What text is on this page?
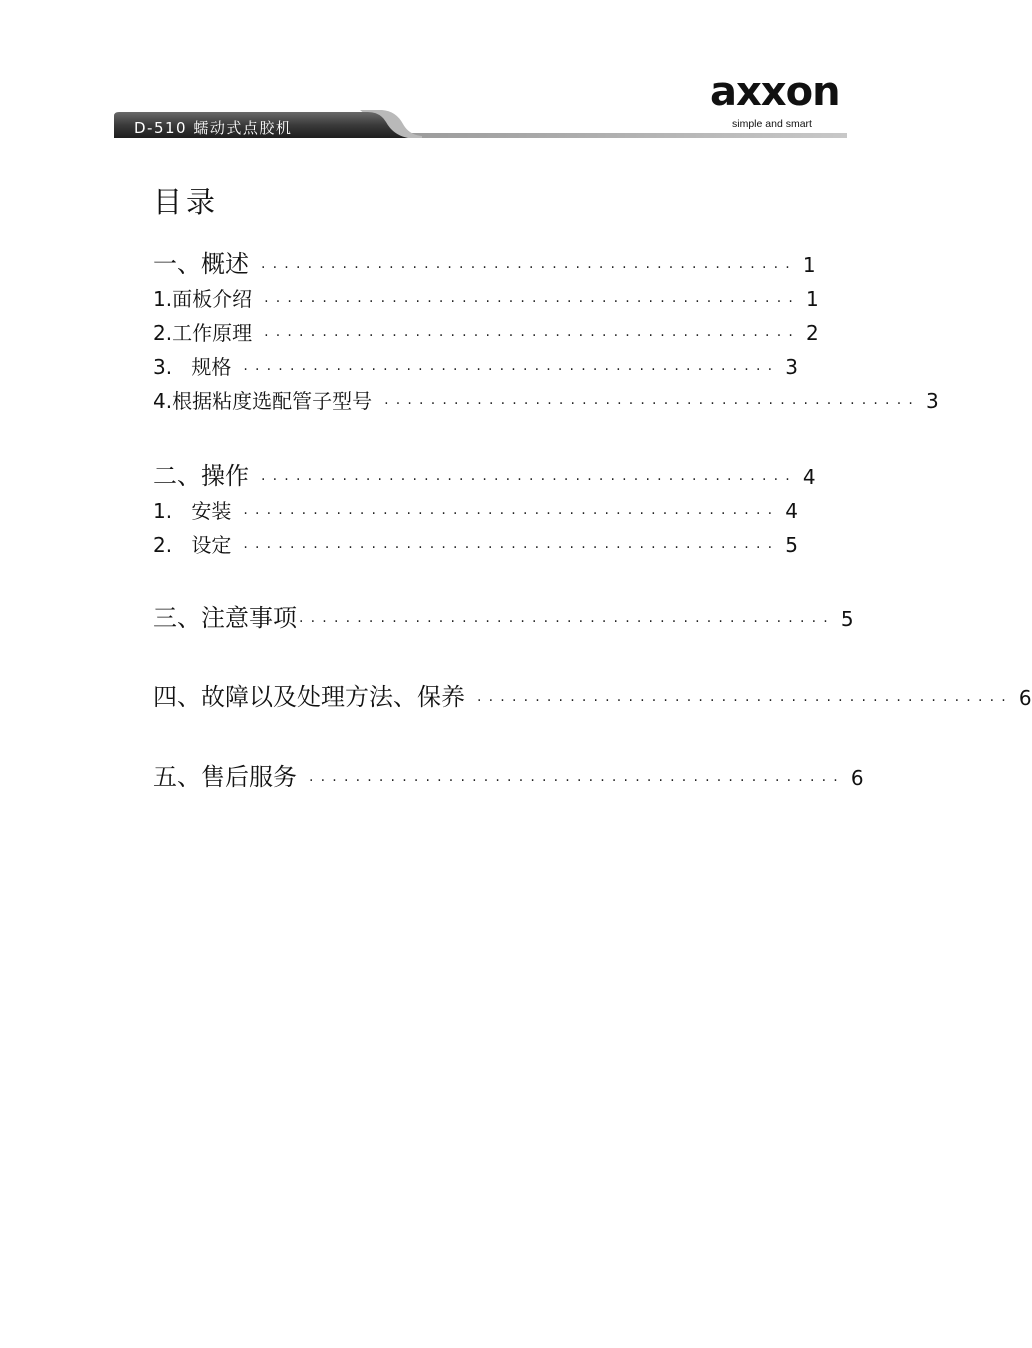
D-510 蠕动式点胶机
axxon
simple and smart
目录
一、概述 ·············································· 1
1. 面板介绍 ·············································· 1
2. 工作原理 ·············································· 2
3. 规格 ·············································· 3
4. 根据粘度选配管子型号 ·············································· 3
二、操作 ·············································· 4
1. 安装 ·············································· 4
2. 设定 ·············································· 5
三、注意事项 ·············································· 5
四、故障以及处理方法、保养 ·············································· 6
五、售后服务 ·············································· 6
